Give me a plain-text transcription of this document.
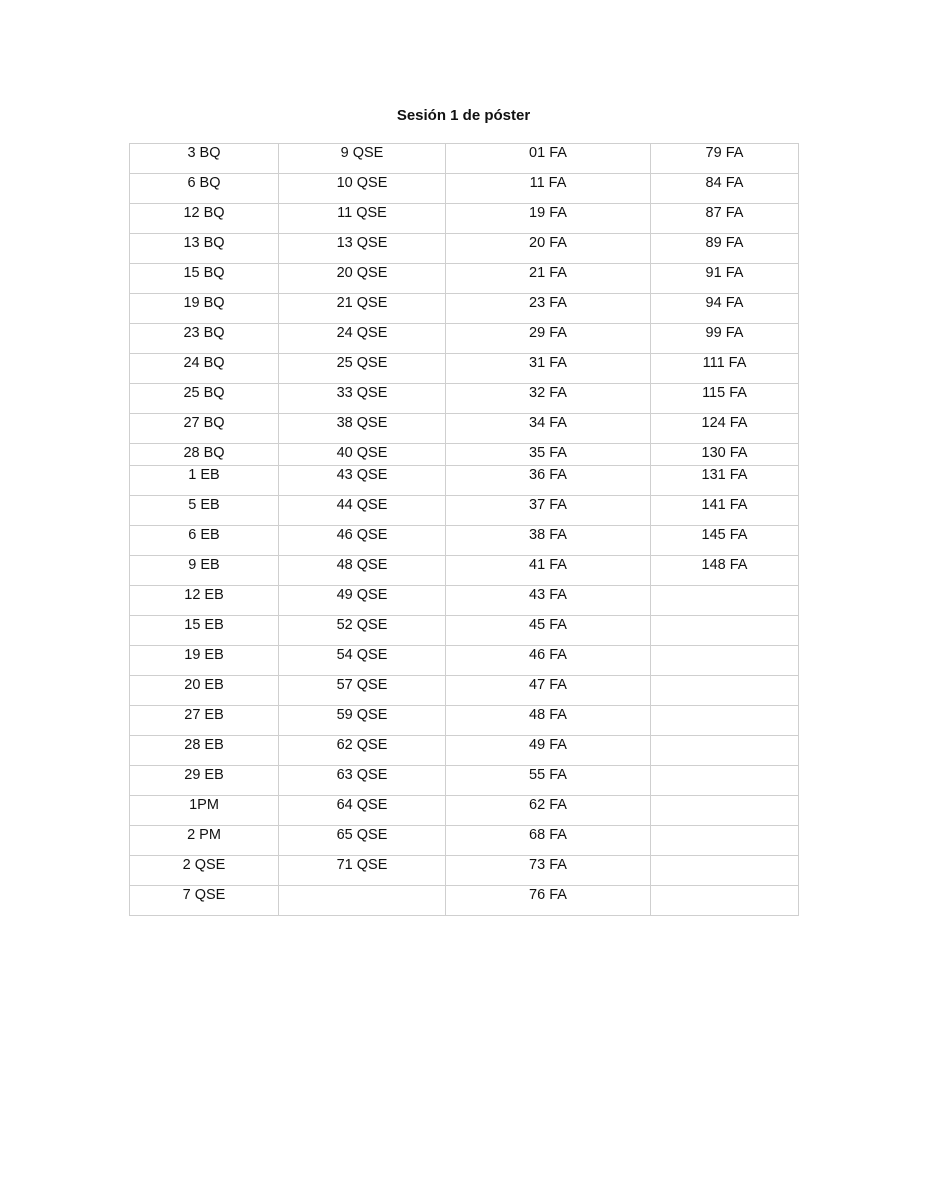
Sesión 1 de póster
3 BQ	9 QSE	01 FA	79 FA
6 BQ	10 QSE	11 FA	84 FA
12 BQ	11 QSE	19 FA	87 FA
13 BQ	13 QSE	20 FA	89 FA
15 BQ	20 QSE	21 FA	91 FA
19 BQ	21 QSE	23 FA	94 FA
23 BQ	24 QSE	29 FA	99 FA
24 BQ	25 QSE	31 FA	111 FA
25 BQ	33 QSE	32 FA	115 FA
27 BQ	38 QSE	34 FA	124 FA
28 BQ	40 QSE	35 FA	130 FA
1 EB	43 QSE	36 FA	131 FA
5 EB	44 QSE	37 FA	141 FA
6 EB	46 QSE	38 FA	145 FA
9 EB	48 QSE	41 FA	148 FA
12 EB	49 QSE	43 FA	
15 EB	52 QSE	45 FA	
19 EB	54 QSE	46 FA	
20 EB	57 QSE	47 FA	
27 EB	59 QSE	48 FA	
28 EB	62 QSE	49 FA	
29 EB	63 QSE	55 FA	
1PM	64 QSE	62 FA	
2 PM	65 QSE	68 FA	
2 QSE	71 QSE	73 FA	
7 QSE		76 FA	
